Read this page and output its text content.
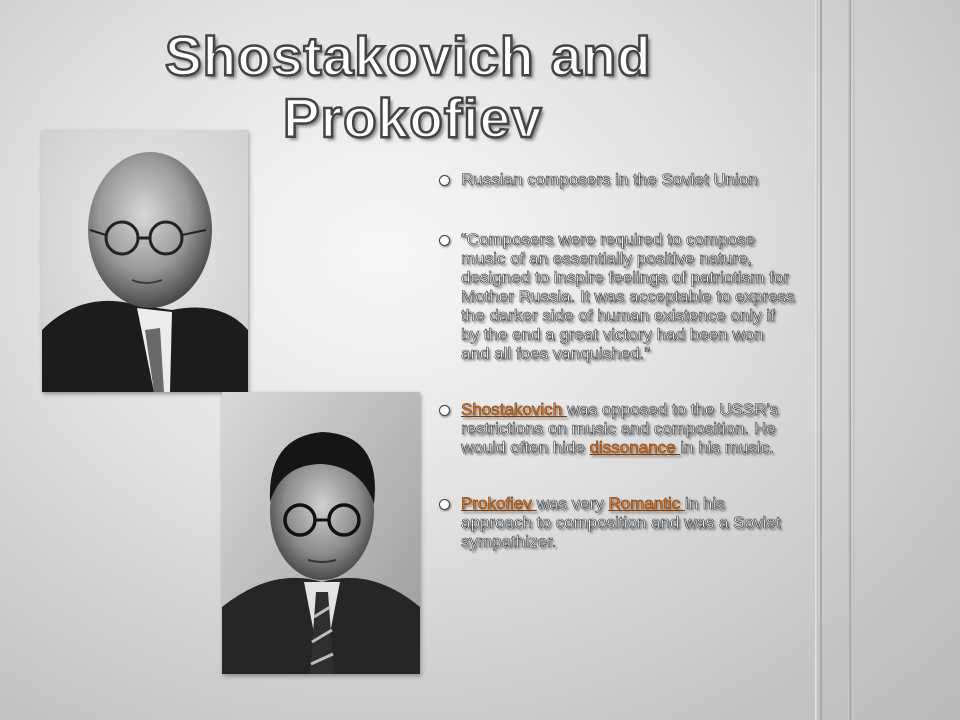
Shostakovich and
Prokofiev
Russian composers in the Soviet Union
“Composers were required to compose music of an essentially positive nature, designed to inspire feelings of patriotism for Mother Russia. It was acceptable to express the darker side of human existence only if by the end a great victory had been won and all foes vanquished.”
Shostakovich was opposed to the USSR’s restrictions on music and composition. He would often hide dissonance in his music.
Prokofiev was very Romantic in his approach to composition and was a Soviet sympathizer.
